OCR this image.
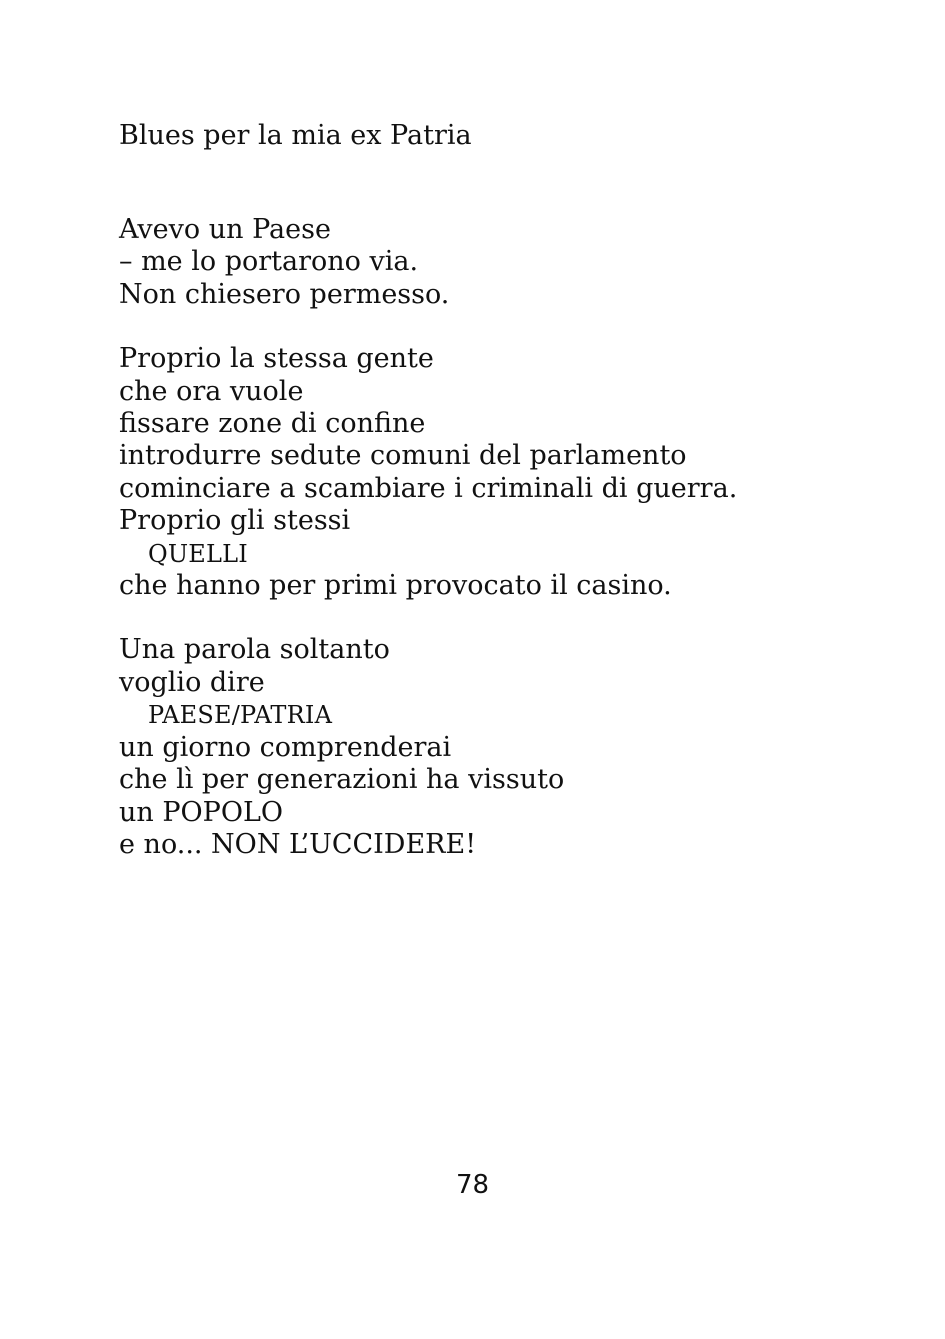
Blues per la mia ex Patria
Avevo un Paese
– me lo portarono via.
Non chiesero permesso.
Proprio la stessa gente
che ora vuole
fissare zone di confine
introdurre sedute comuni del parlamento
cominciare a scambiare i criminali di guerra.
Proprio gli stessi
QUELLI
che hanno per primi provocato il casino.
Una parola soltanto
voglio dire
PAESE/PATRIA
un giorno comprenderai
che lì per generazioni ha vissuto
un POPOLO
e no... NON L’UCCIDERE!
78
